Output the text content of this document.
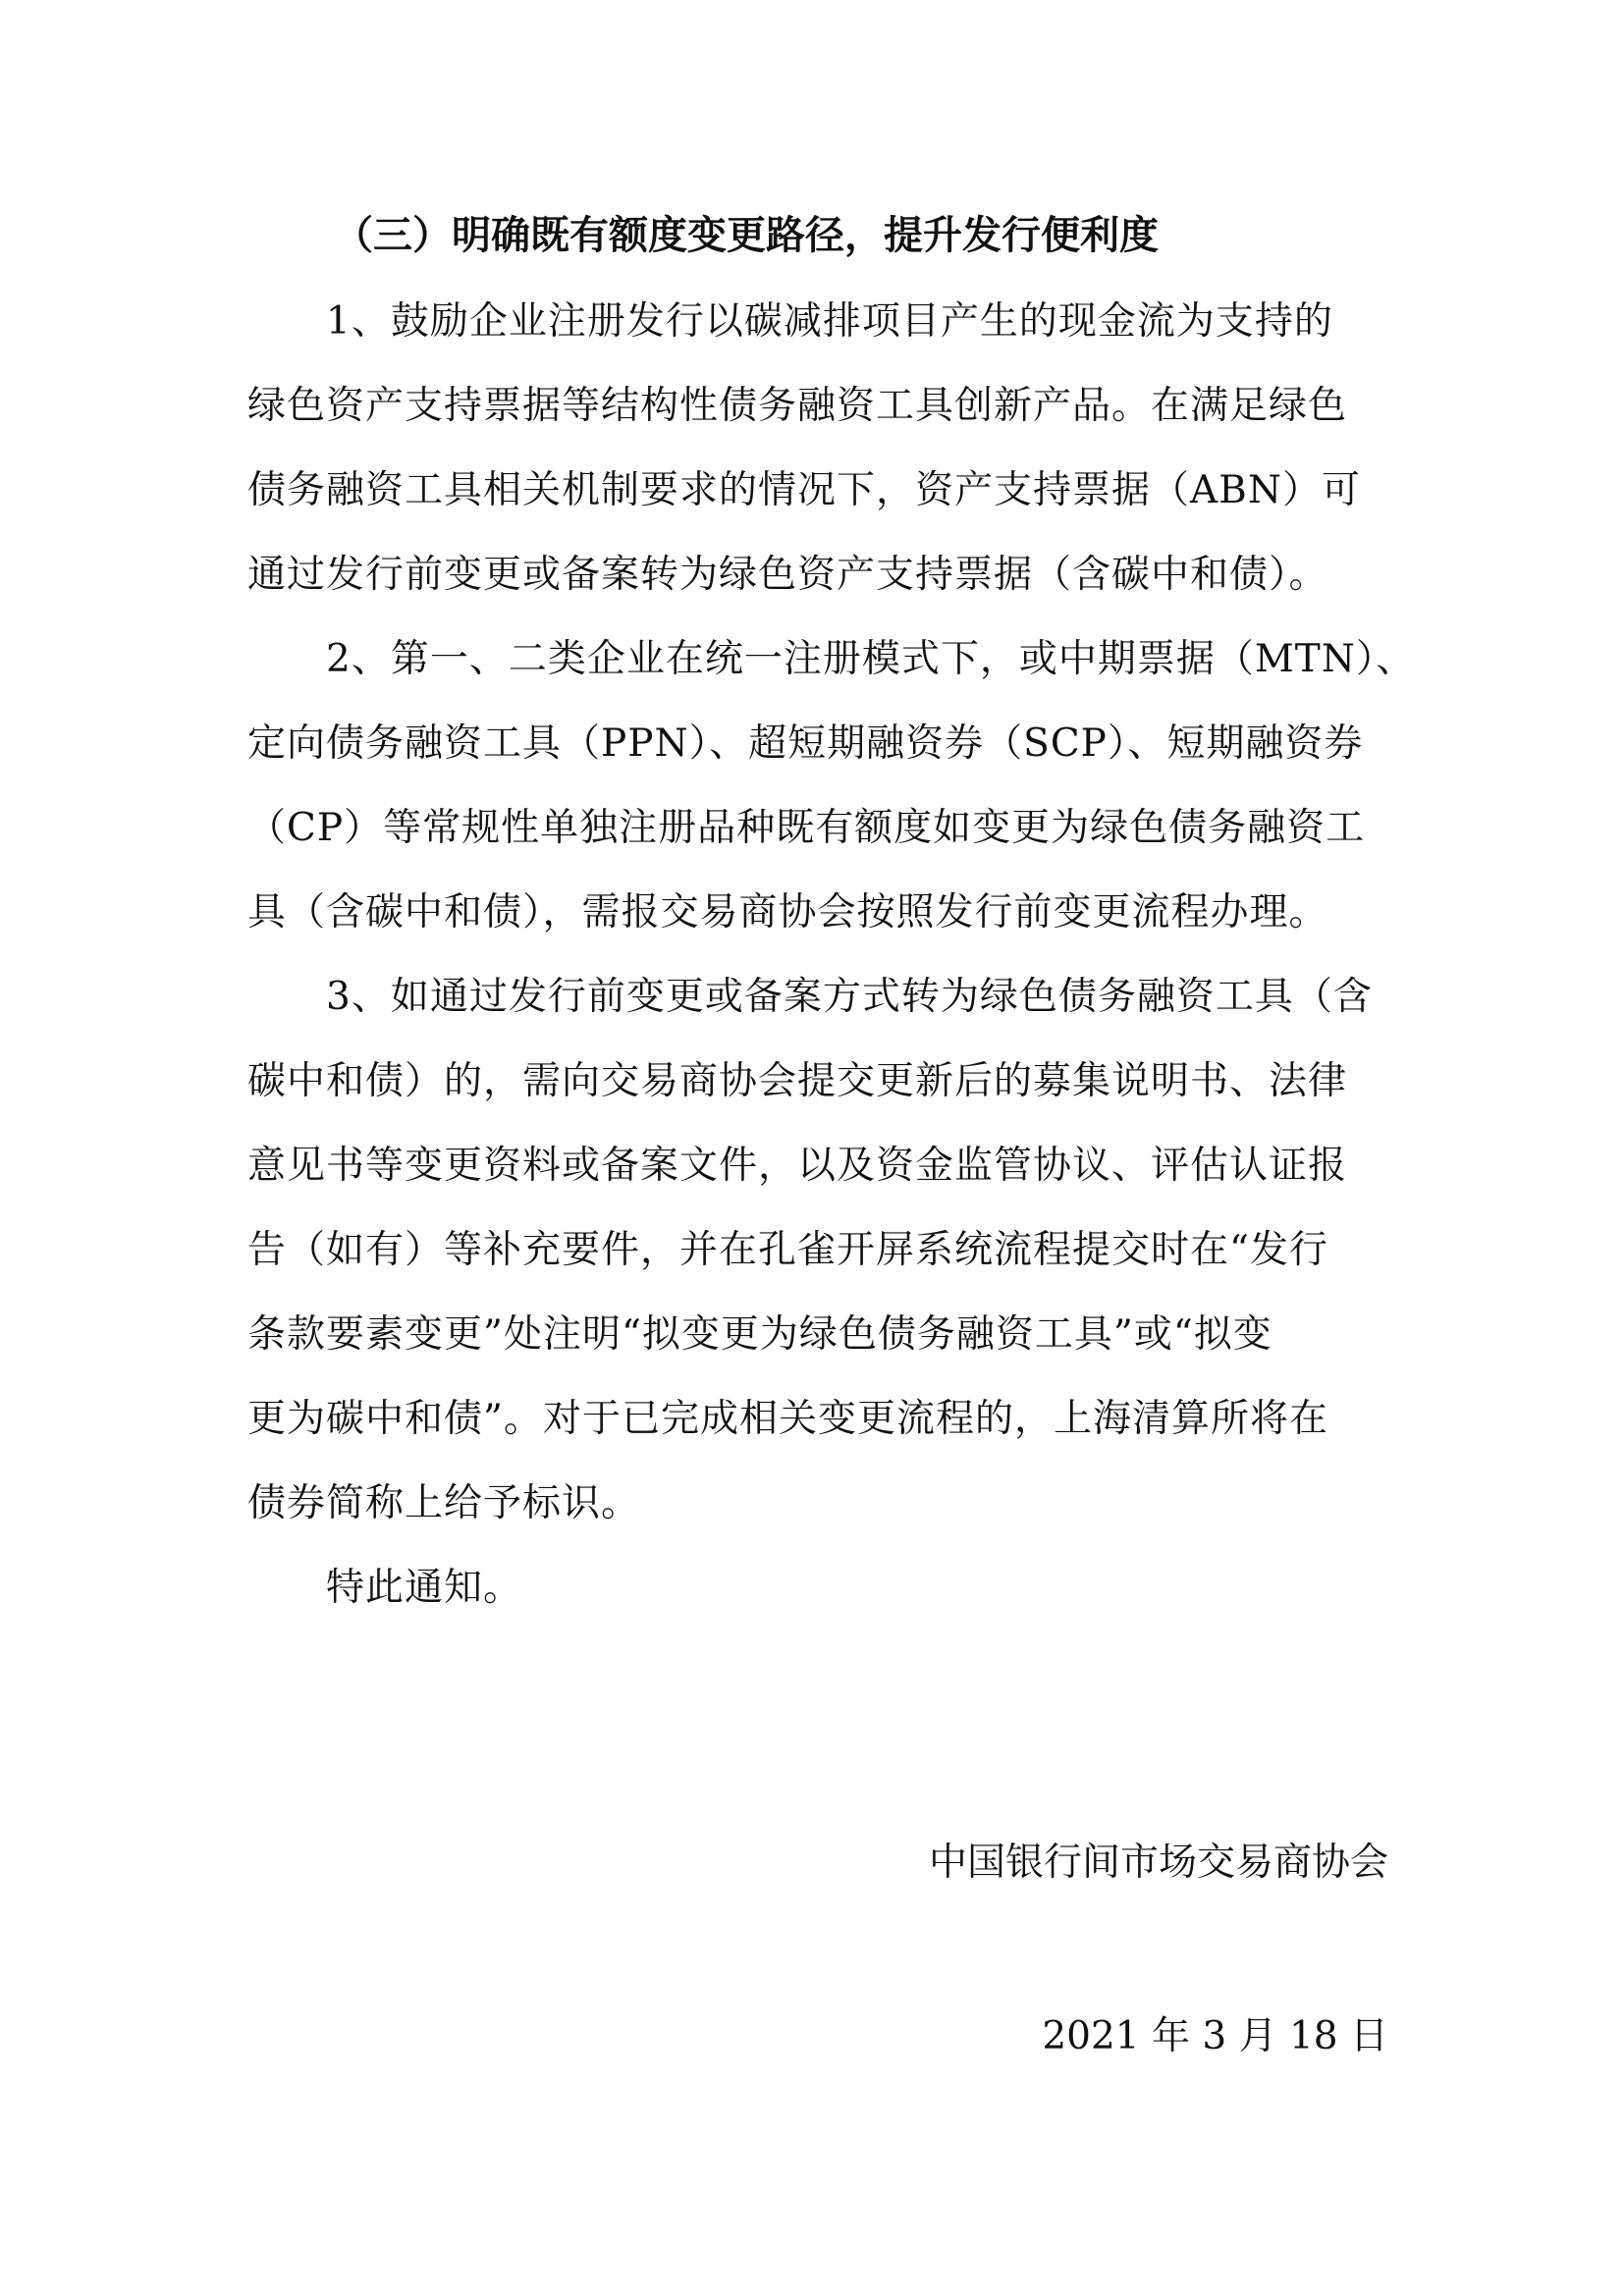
（三）明确既有额度变更路径，提升发行便利度
1、鼓励企业注册发行以碳减排项目产生的现金流为支持的
绿色资产支持票据等结构性债务融资工具创新产品。在满足绿色
债务融资工具相关机制要求的情况下，资产支持票据（ABN）可
通过发行前变更或备案转为绿色资产支持票据（含碳中和债）。
2、第一、二类企业在统一注册模式下，或中期票据（MTN）、
定向债务融资工具（PPN）、超短期融资券（SCP）、短期融资券
（CP）等常规性单独注册品种既有额度如变更为绿色债务融资工
具（含碳中和债），需报交易商协会按照发行前变更流程办理。
3、如通过发行前变更或备案方式转为绿色债务融资工具（含
碳中和债）的，需向交易商协会提交更新后的募集说明书、法律
意见书等变更资料或备案文件，以及资金监管协议、评估认证报
告（如有）等补充要件，并在孔雀开屏系统流程提交时在“发行
条款要素变更”处注明“拟变更为绿色债务融资工具”或“拟变
更为碳中和债”。对于已完成相关变更流程的，上海清算所将在
债券简称上给予标识。
特此通知。
中国银行间市场交易商协会
2021 年 3 月 18 日
